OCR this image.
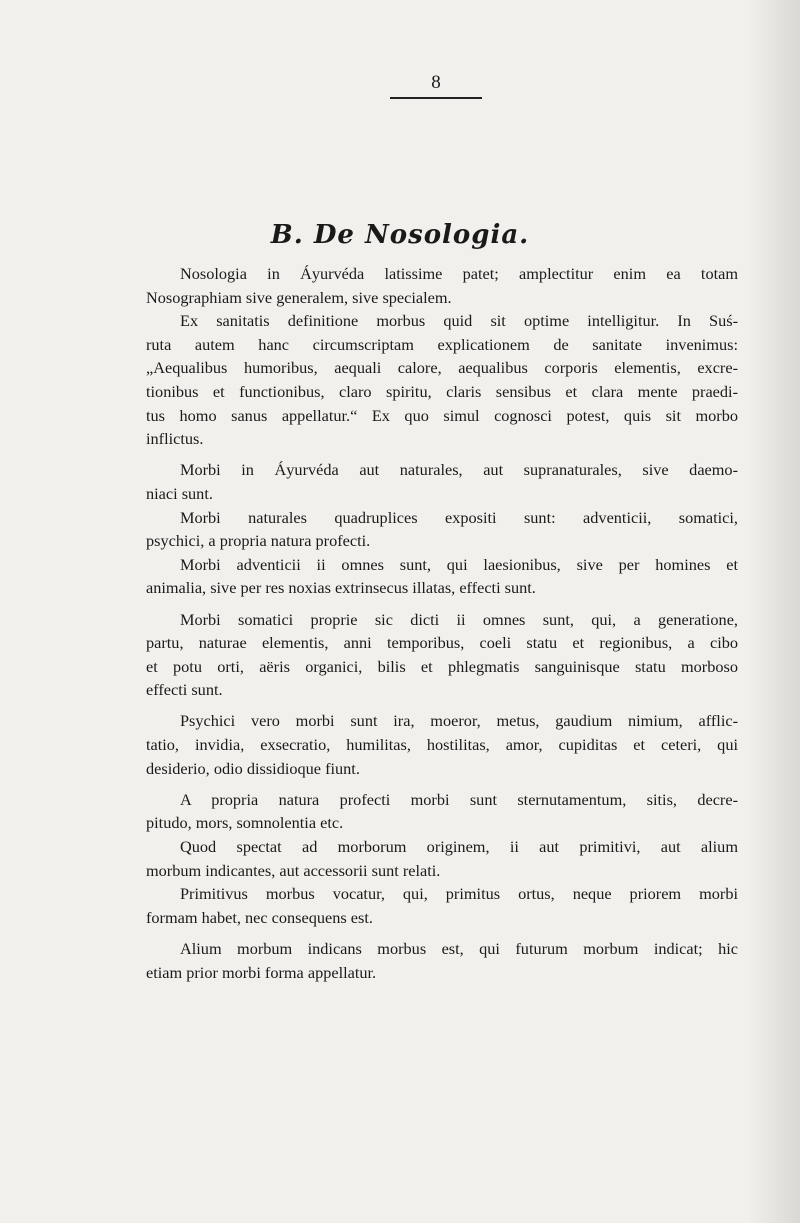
8
B. De Nosologia.
Nosologia in Áyurvéda latissime patet; amplectitur enim ea totam
Nosographiam sive generalem, sive specialem.
Ex sanitatis definitione morbus quid sit optime intelligitur. In Suś-
ruta autem hanc circumscriptam explicationem de sanitate invenimus:
„Aequalibus humoribus, aequali calore, aequalibus corporis elementis, excre-
tionibus et functionibus, claro spiritu, claris sensibus et clara mente praedi-
tus homo sanus appellatur.“ Ex quo simul cognosci potest, quis sit morbo
inflictus.
Morbi in Áyurvéda aut naturales, aut supranaturales, sive daemo-
niaci sunt.
Morbi naturales quadruplices expositi sunt: adventicii, somatici,
psychici, a propria natura profecti.
Morbi adventicii ii omnes sunt, qui laesionibus, sive per homines et
animalia, sive per res noxias extrinsecus illatas, effecti sunt.
Morbi somatici proprie sic dicti ii omnes sunt, qui, a generatione,
partu, naturae elementis, anni temporibus, coeli statu et regionibus, a cibo
et potu orti, aëris organici, bilis et phlegmatis sanguinisque statu morboso
effecti sunt.
Psychici vero morbi sunt ira, moeror, metus, gaudium nimium, afflic-
tatio, invidia, exsecratio, humilitas, hostilitas, amor, cupiditas et ceteri, qui
desiderio, odio dissidioque fiunt.
A propria natura profecti morbi sunt sternutamentum, sitis, decre-
pitudo, mors, somnolentia etc.
Quod spectat ad morborum originem, ii aut primitivi, aut alium
morbum indicantes, aut accessorii sunt relati.
Primitivus morbus vocatur, qui, primitus ortus, neque priorem morbi
formam habet, nec consequens est.
Alium morbum indicans morbus est, qui futurum morbum indicat; hic
etiam prior morbi forma appellatur.
